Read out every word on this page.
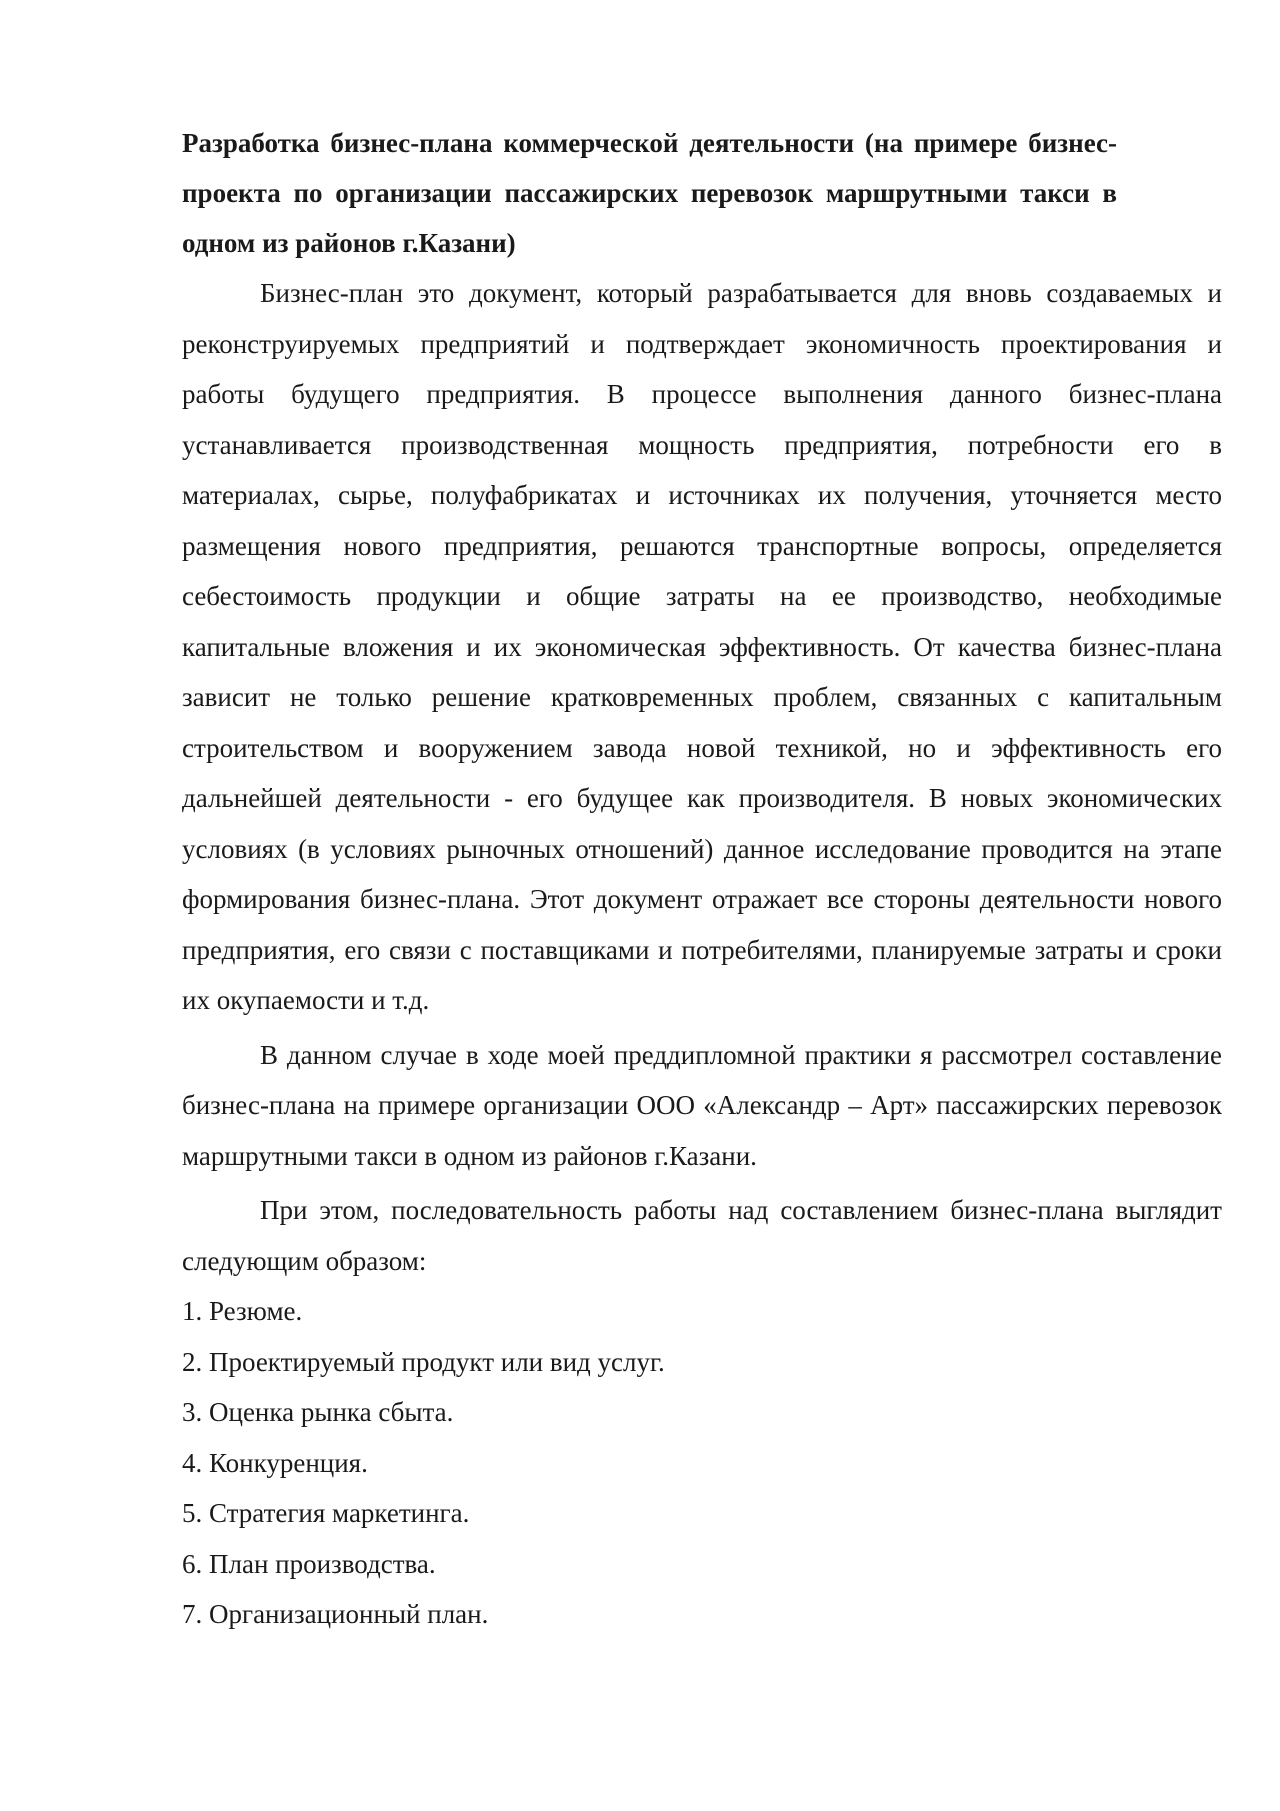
Разработка бизнес-плана коммерческой деятельности (на примере бизнес-проекта по организации пассажирских перевозок маршрутными такси в одном из районов г.Казани)

Бизнес-план это документ, который разрабатывается для вновь создаваемых и реконструируемых предприятий и подтверждает экономичность проектирования и работы будущего предприятия. В процессе выполнения данного бизнес-плана устанавливается производственная мощность предприятия, потребности его в материалах, сырье, полуфабрикатах и источниках их получения, уточняется место размещения нового предприятия, решаются транспортные вопросы, определяется себестоимость продукции и общие затраты на ее производство, необходимые капитальные вложения и их экономическая эффективность. От качества бизнес-плана зависит не только решение кратковременных проблем, связанных с капитальным строительством и вооружением завода новой техникой, но и эффективность его дальнейшей деятельности - его будущее как производителя. В новых экономических условиях (в условиях рыночных отношений) данное исследование проводится на этапе формирования бизнес-плана. Этот документ отражает все стороны деятельности нового предприятия, его связи с поставщиками и потребителями, планируемые затраты и сроки их окупаемости и т.д.

В данном случае в ходе моей преддипломной практики я рассмотрел составление бизнес-плана на примере организации ООО «Александр – Арт» пассажирских перевозок маршрутными такси в одном из районов г.Казани.

При этом, последовательность работы над составлением бизнес-плана выглядит следующим образом:

1. Резюме.
2. Проектируемый продукт или вид услуг.
3. Оценка рынка сбыта.
4. Конкуренция.
5. Стратегия маркетинга.
6. План производства.
7. Организационный план.
